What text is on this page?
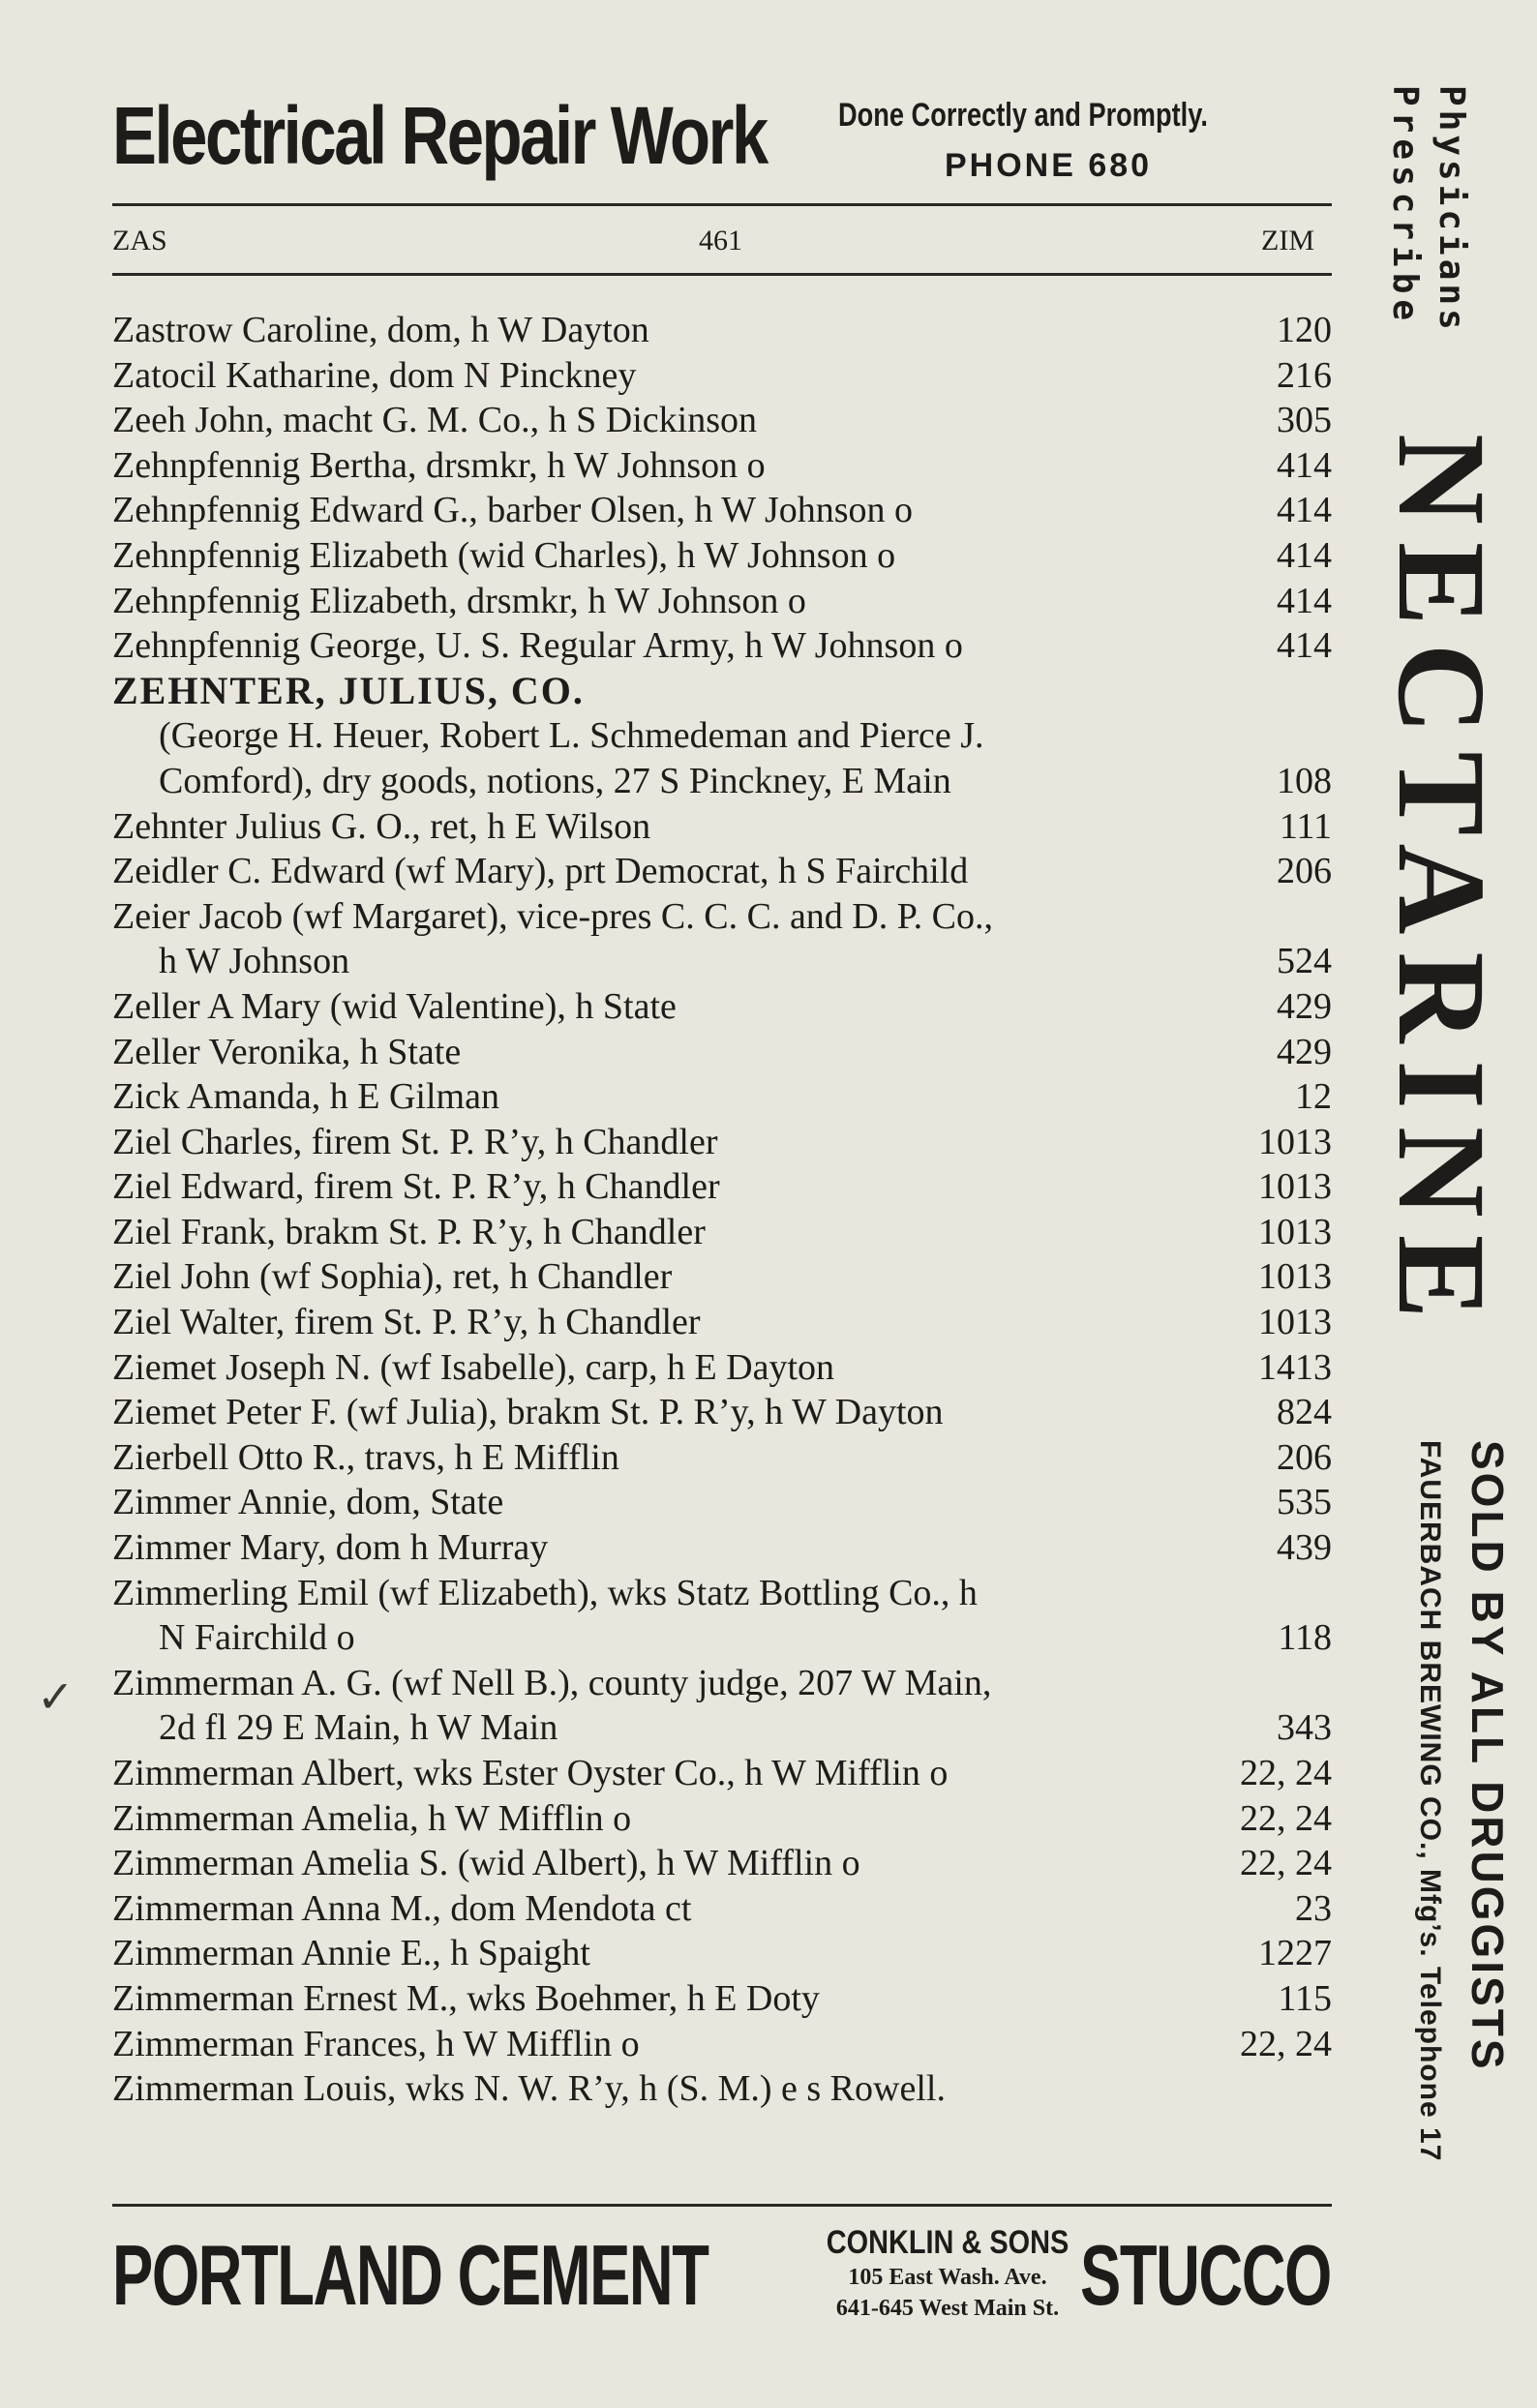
Electrical Repair Work Done Correctly and Promptly.
PHONE 680
ZAS	461	ZIM
✓
Zastrow Caroline, dom, h W Dayton	120
Zatocil Katharine, dom N Pinckney	216
Zeeh John, macht G. M. Co., h S Dickinson	305
Zehnpfennig Bertha, drsmkr, h W Johnson o	414
Zehnpfennig Edward G., barber Olsen, h W Johnson o	414
Zehnpfennig Elizabeth (wid Charles), h W Johnson o	414
Zehnpfennig Elizabeth, drsmkr, h W Johnson o	414
Zehnpfennig George, U. S. Regular Army, h W Johnson o	414
ZEHNTER, JULIUS, CO.
(George H. Heuer, Robert L. Schmedeman and Pierce J.
Comford), dry goods, notions, 27 S Pinckney, E Main	108
Zehnter Julius G. O., ret, h E Wilson	111
Zeidler C. Edward (wf Mary), prt Democrat, h S Fairchild	206
Zeier Jacob (wf Margaret), vice-pres C. C. C. and D. P. Co.,
h W Johnson	524
Zeller A Mary (wid Valentine), h State	429
Zeller Veronika, h State	429
Zick Amanda, h E Gilman	12
Ziel Charles, firem St. P. R’y, h Chandler	1013
Ziel Edward, firem St. P. R’y, h Chandler	1013
Ziel Frank, brakm St. P. R’y, h Chandler	1013
Ziel John (wf Sophia), ret, h Chandler	1013
Ziel Walter, firem St. P. R’y, h Chandler	1013
Ziemet Joseph N. (wf Isabelle), carp, h E Dayton	1413
Ziemet Peter F. (wf Julia), brakm St. P. R’y, h W Dayton	824
Zierbell Otto R., travs, h E Mifflin	206
Zimmer Annie, dom, State	535
Zimmer Mary, dom h Murray	439
Zimmerling Emil (wf Elizabeth), wks Statz Bottling Co., h
N Fairchild o	118
Zimmerman A. G. (wf Nell B.), county judge, 207 W Main,
2d fl 29 E Main, h W Main	343
Zimmerman Albert, wks Ester Oyster Co., h W Mifflin o	22, 24
Zimmerman Amelia, h W Mifflin o	22, 24
Zimmerman Amelia S. (wid Albert), h W Mifflin o	22, 24
Zimmerman Anna M., dom Mendota ct	23
Zimmerman Annie E., h Spaight	1227
Zimmerman Ernest M., wks Boehmer, h E Doty	115
Zimmerman Frances, h W Mifflin o	22, 24
Zimmerman Louis, wks N. W. R’y, h (S. M.) e s Rowell.
PORTLAND CEMENT	CONKLIN & SONS
105 East Wash. Ave.
641-645 West Main St. STUCCO
Physicians
Prescribe
NECTARINE
SOLD BY ALL DRUGGISTS
FAUERBACH BREWING CO., Mfg’s. Telephone 17
